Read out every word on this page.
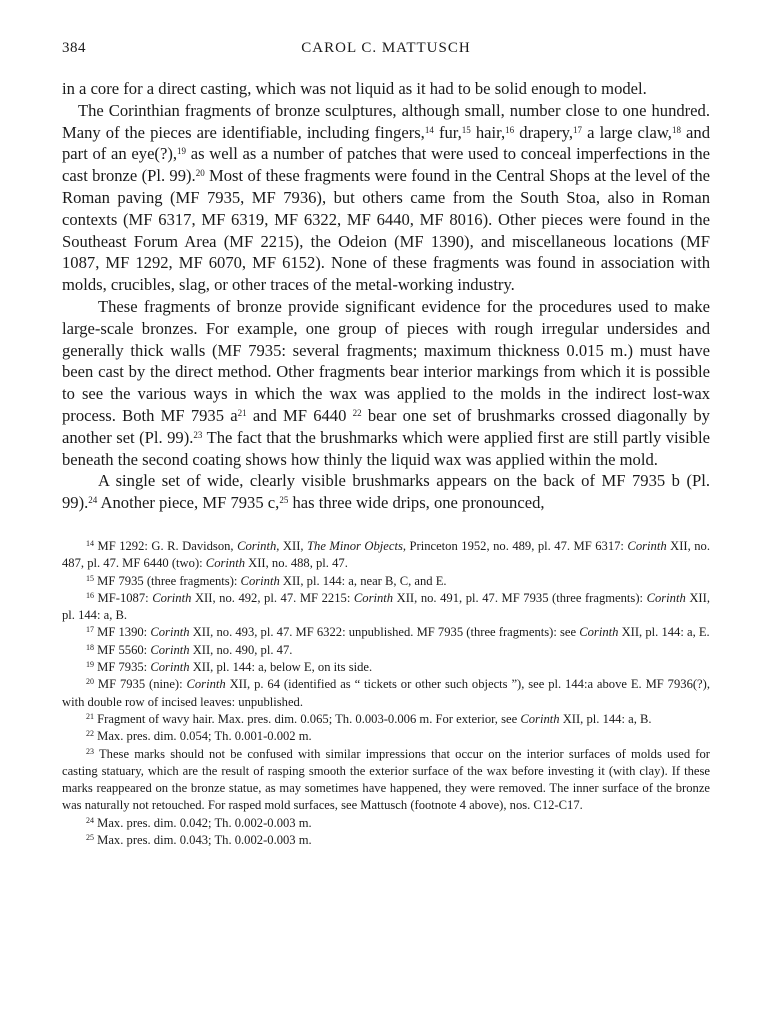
384	CAROL C. MATTUSCH

in a core for a direct casting, which was not liquid as it had to be solid enough to model.

The Corinthian fragments of bronze sculptures, although small, number close to one hundred. Many of the pieces are identifiable, including fingers,$^{14}$ fur,$^{15}$ hair,$^{16}$ drapery,$^{17}$ a large claw,$^{18}$ and part of an eye(?),$^{19}$ as well as a number of patches that were used to conceal imperfections in the cast bronze (Pl. 99).$^{20}$ Most of these fragments were found in the Central Shops at the level of the Roman paving (MF 7935, MF 7936), but others came from the South Stoa, also in Roman contexts (MF 6317, MF 6319, MF 6322, MF 6440, MF 8016). Other pieces were found in the Southeast Forum Area (MF 2215), the Odeion (MF 1390), and miscellaneous locations (MF 1087, MF 1292, MF 6070, MF 6152). None of these fragments was found in association with molds, crucibles, slag, or other traces of the metal-working industry.

These fragments of bronze provide significant evidence for the procedures used to make large-scale bronzes. For example, one group of pieces with rough irregular undersides and generally thick walls (MF 7935: several fragments; maximum thickness 0.015 m.) must have been cast by the direct method. Other fragments bear interior markings from which it is possible to see the various ways in which the wax was applied to the molds in the indirect lost-wax process. Both MF 7935 $a^{21}$ and MF 6440 $^{22}$ bear one set of brushmarks crossed diagonally by another set (Pl. 99).$^{23}$ The fact that the brushmarks which were applied first are still partly visible beneath the second coating shows how thinly the liquid wax was applied within the mold.

A single set of wide, clearly visible brushmarks appears on the back of MF 7935 b (Pl. 99).$^{24}$ Another piece, MF 7935 c,$^{25}$ has three wide drips, one pronounced,

$^{14}$ MF 1292: G. R. Davidson, Corinth, XII, The Minor Objects, Princeton 1952, no. 489, pl. 47. MF 6317: Corinth XII, no. 487, pl. 47. MF 6440 (two): Corinth XII, no. 488, pl. 47.

$^{15}$ MF 7935 (three fragments): Corinth XII, pl. 144: a, near B, C, and E.

$^{16}$ MF-1087: Corinth XII, no. 492, pl. 47. MF 2215: Corinth XII, no. 491, pl. 47. MF 7935 (three fragments): Corinth XII, pl. 144: a, B.

$^{17}$ MF 1390: Corinth XII, no. 493, pl. 47. MF 6322: unpublished. MF 7935 (three fragments): see Corinth XII, pl. 144: a, E.

$^{18}$ MF 5560: Corinth XII, no. 490, pl. 47.

$^{19}$ MF 7935: Corinth XII, pl. 144: a, below E, on its side.

$^{20}$ MF 7935 (nine): Corinth XII, p. 64 (identified as “ tickets or other such objects ”), see pl. 144:a above E. MF 7936(?), with double row of incised leaves: unpublished.

$^{21}$ Fragment of wavy hair. Max. pres. dim. 0.065; Th. 0.003-0.006 m. For exterior, see Corinth XII, pl. 144: a, B.

$^{22}$ Max. pres. dim. 0.054; Th. 0.001-0.002 m.

$^{23}$ These marks should not be confused with similar impressions that occur on the interior surfaces of molds used for casting statuary, which are the result of rasping smooth the exterior surface of the wax before investing it (with clay). If these marks reappeared on the bronze statue, as may sometimes have happened, they were removed. The inner surface of the bronze was naturally not retouched. For rasped mold surfaces, see Mattusch (footnote 4 above), nos. C12-C17.

$^{24}$ Max. pres. dim. 0.042; Th. 0.002-0.003 m.

$^{25}$ Max. pres. dim. 0.043; Th. 0.002-0.003 m.
